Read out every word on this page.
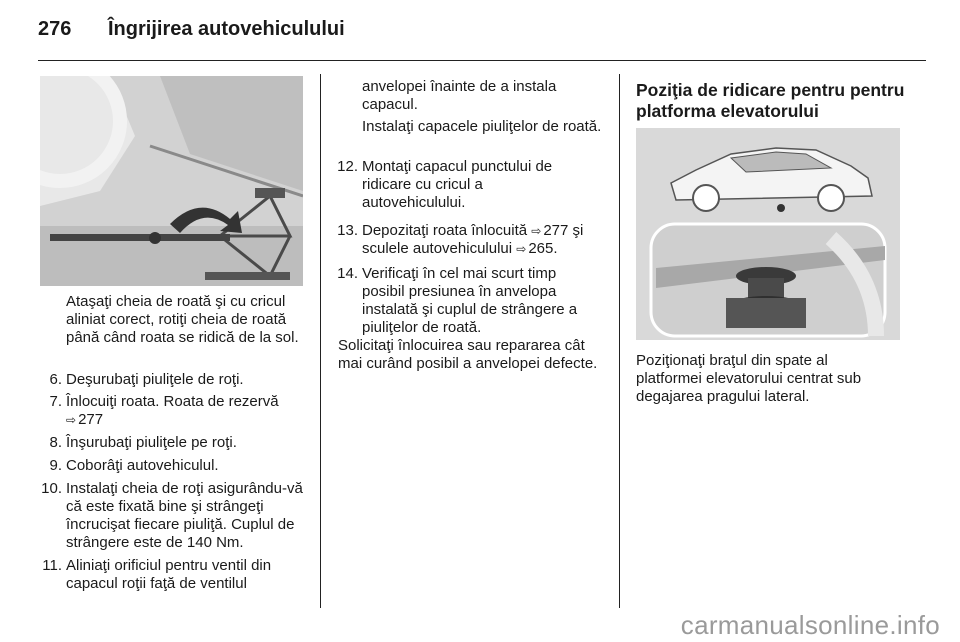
276 Îngrijirea autovehiculului
Ataşaţi cheia de roată şi cu cricul aliniat corect, rotiţi cheia de roată până când roata se ridică de la sol.
6. Deşurubaţi piuliţele de roţi.
7. Înlocuiţi roata. Roata de rezervă
⇨ 277
8. Înşurubaţi piuliţele pe roţi.
9. Coborâţi autovehiculul.
10. Instalaţi cheia de roţi asigurându-vă că este fixată bine şi strângeţi încrucişat fiecare piuliţă. Cuplul de strângere este de 140 Nm.
11. Aliniaţi orificiul pentru ventil din capacul roţii faţă de ventilul
anvelopei înainte de a instala capacul.
Instalaţi capacele piuliţelor de roată.
12. Montaţi capacul punctului de ridicare cu cricul a autovehiculului.
13. Depozitaţi roata înlocuită ⇨ 277 şi sculele autovehiculului ⇨ 265.
14. Verificaţi în cel mai scurt timp posibil presiunea în anvelopa instalată şi cuplul de strângere a piuliţelor de roată.
Solicitaţi înlocuirea sau repararea cât mai curând posibil a anvelopei defecte.
Poziţia de ridicare pentru pentru platforma elevatorului
Poziţionaţi braţul din spate al platformei elevatorului centrat sub degajarea pragului lateral.
carmanualsonline.info
